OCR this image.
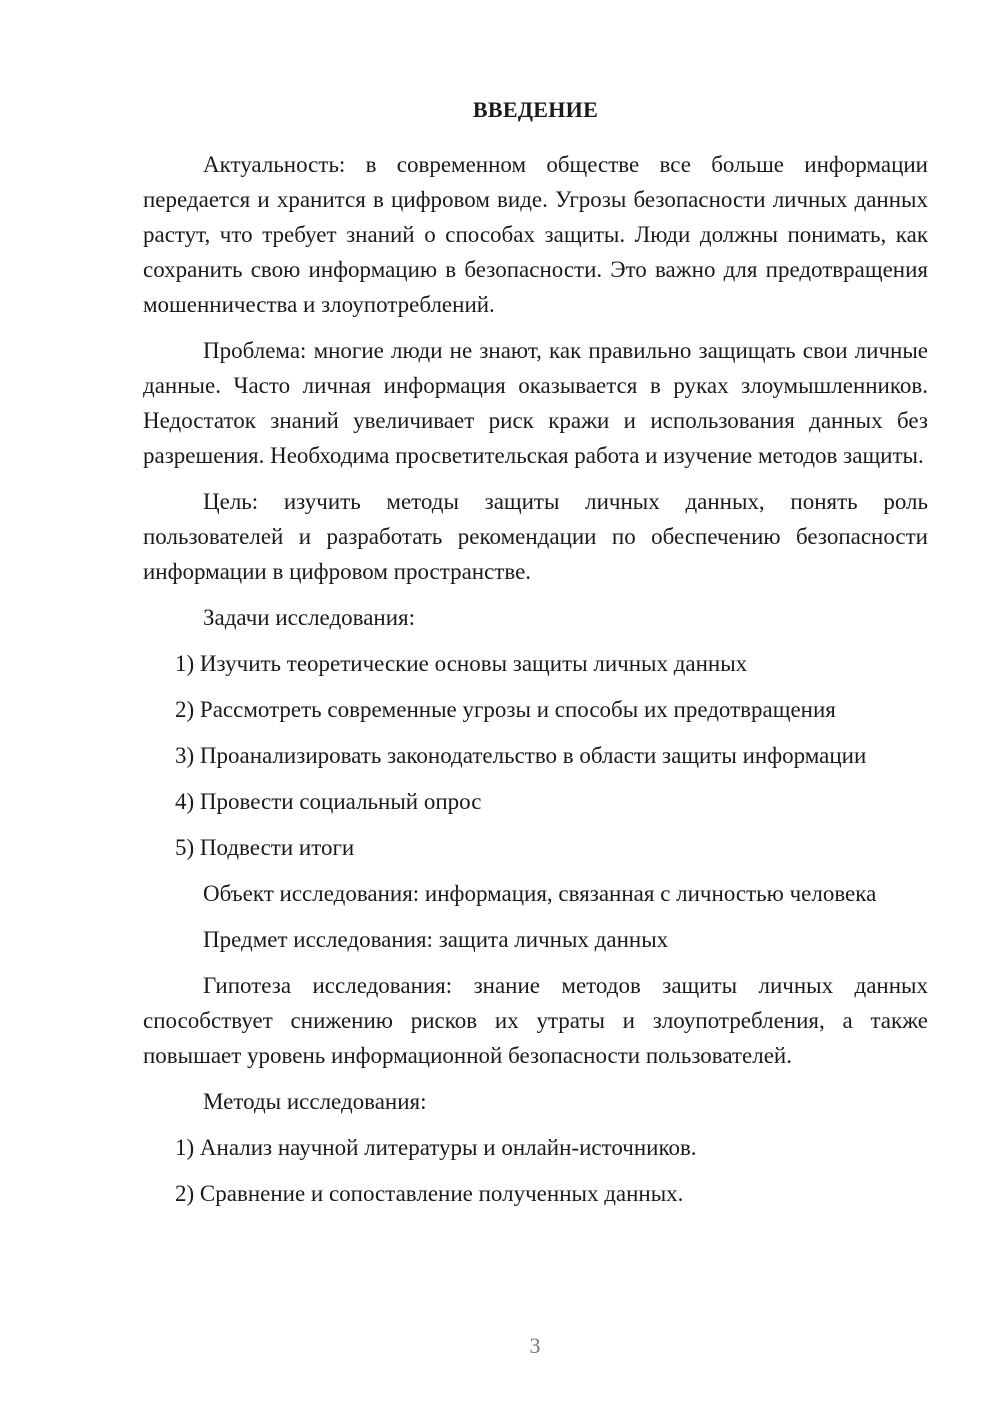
ВВЕДЕНИЕ

Актуальность: в современном обществе все больше информации передается и хранится в цифровом виде. Угрозы безопасности личных данных растут, что требует знаний о способах защиты. Люди должны понимать, как сохранить свою информацию в безопасности. Это важно для предотвращения мошенничества и злоупотреблений.

Проблема: многие люди не знают, как правильно защищать свои личные данные. Часто личная информация оказывается в руках злоумышленников. Недостаток знаний увеличивает риск кражи и использования данных без разрешения. Необходима просветительская работа и изучение методов защиты.

Цель: изучить методы защиты личных данных, понять роль пользователей и разработать рекомендации по обеспечению безопасности информации в цифровом пространстве.

Задачи исследования:

1) Изучить теоретические основы защиты личных данных

2) Рассмотреть современные угрозы и способы их предотвращения

3) Проанализировать законодательство в области защиты информации

4) Провести социальный опрос

5) Подвести итоги

Объект исследования: информация, связанная с личностью человека

Предмет исследования: защита личных данных

Гипотеза исследования: знание методов защиты личных данных способствует снижению рисков их утраты и злоупотребления, а также повышает уровень информационной безопасности пользователей.

Методы исследования:

1) Анализ научной литературы и онлайн-источников.

2) Сравнение и сопоставление полученных данных.

3
